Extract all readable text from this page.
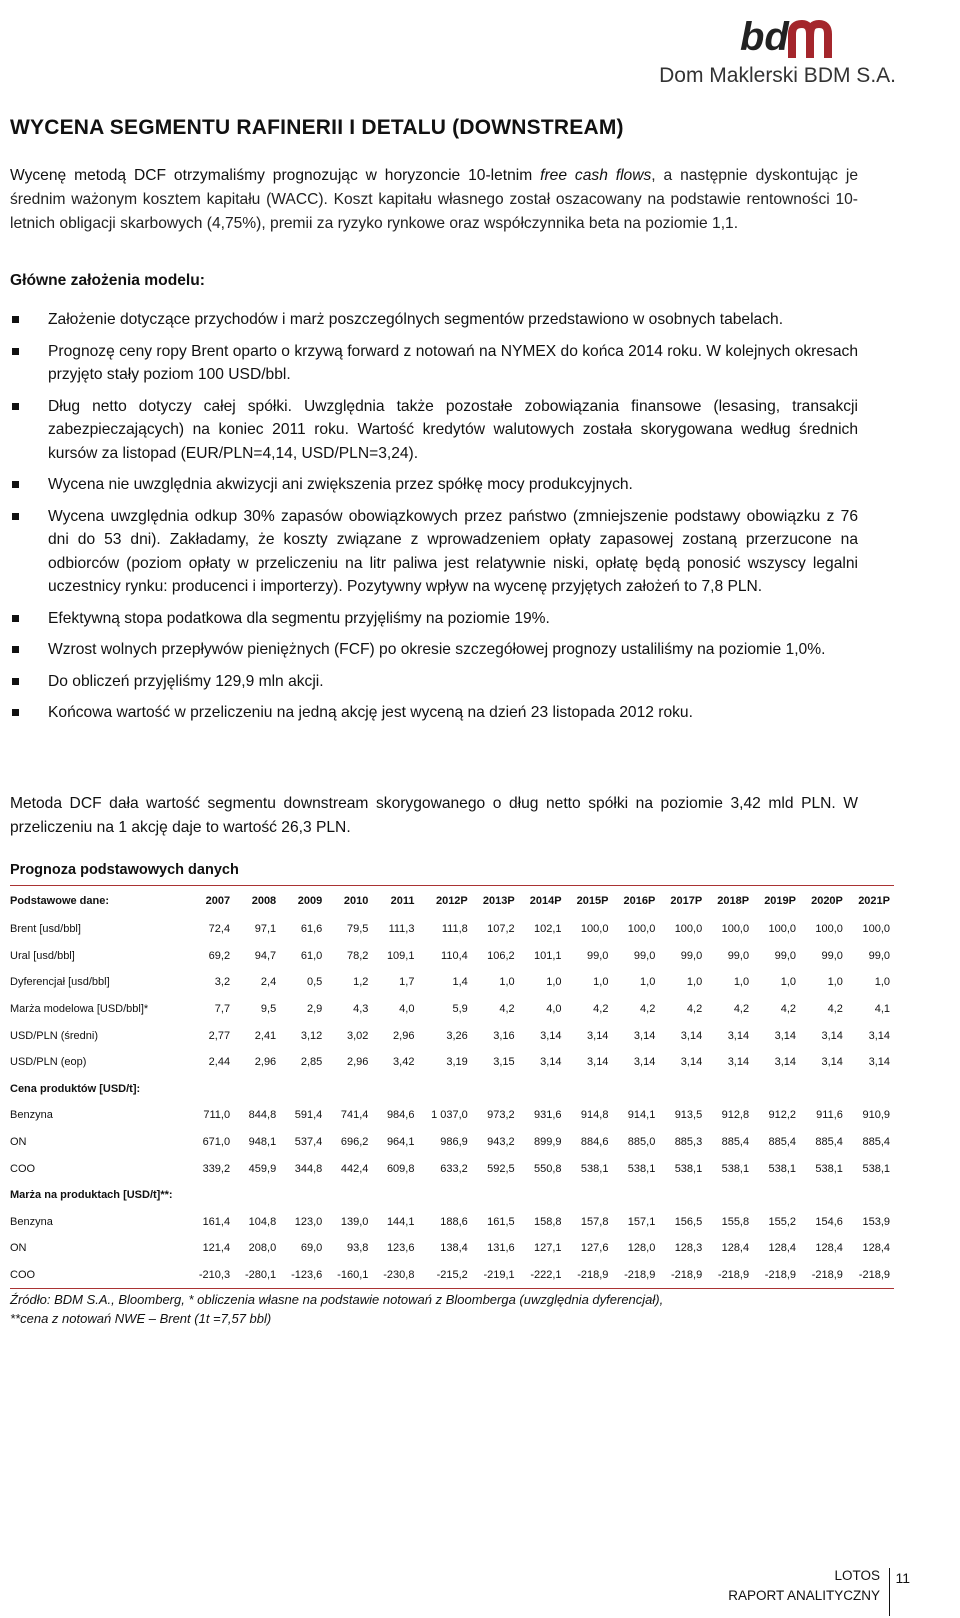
bd
Dom Maklerski BDM S.A.
WYCENA SEGMENTU RAFINERII I DETALU (DOWNSTREAM)
Wycenę metodą DCF otrzymaliśmy prognozując w horyzoncie 10-letnim free cash flows, a następnie dyskontując je średnim ważonym kosztem kapitału (WACC). Koszt kapitału własnego został oszacowany na podstawie rentowności 10-letnich obligacji skarbowych (4,75%), premii za ryzyko rynkowe oraz współczynnika beta na poziomie 1,1.
Główne założenia modelu:
Założenie dotyczące przychodów i marż poszczególnych segmentów przedstawiono w osobnych tabelach.
Prognozę ceny ropy Brent oparto o krzywą forward z notowań na NYMEX do końca 2014 roku. W kolejnych okresach przyjęto stały poziom 100 USD/bbl.
Dług netto dotyczy całej spółki. Uwzględnia także pozostałe zobowiązania finansowe (lesasing, transakcji zabezpieczających) na koniec 2011 roku. Wartość kredytów walutowych została skorygowana według średnich kursów za listopad (EUR/PLN=4,14, USD/PLN=3,24).
Wycena nie uwzględnia akwizycji ani zwiększenia przez spółkę mocy produkcyjnych.
Wycena uwzględnia odkup 30% zapasów obowiązkowych przez państwo (zmniejszenie podstawy obowiązku z 76 dni do 53 dni). Zakładamy, że koszty związane z wprowadzeniem opłaty zapasowej zostaną przerzucone na odbiorców (poziom opłaty w przeliczeniu na litr paliwa jest relatywnie niski, opłatę będą ponosić wszyscy legalni uczestnicy rynku: producenci i importerzy). Pozytywny wpływ na wycenę przyjętych założeń to 7,8 PLN.
Efektywną stopa podatkowa dla segmentu przyjęliśmy na poziomie 19%.
Wzrost wolnych przepływów pieniężnych (FCF) po okresie szczegółowej prognozy ustaliliśmy na poziomie 1,0%.
Do obliczeń przyjęliśmy 129,9 mln akcji.
Końcowa wartość w przeliczeniu na jedną akcję jest wyceną na dzień 23 listopada 2012 roku.
Metoda DCF dała wartość segmentu downstream skorygowanego o dług netto spółki na poziomie 3,42 mld PLN. W przeliczeniu na 1 akcję daje to wartość 26,3 PLN.
Prognoza podstawowych danych
Podstawowe dane:	2007	2008	2009	2010	2011	2012P	2013P	2014P	2015P	2016P	2017P	2018P	2019P	2020P	2021P
Brent [usd/bbl]	72,4	97,1	61,6	79,5	111,3	111,8	107,2	102,1	100,0	100,0	100,0	100,0	100,0	100,0	100,0
Ural [usd/bbl]	69,2	94,7	61,0	78,2	109,1	110,4	106,2	101,1	99,0	99,0	99,0	99,0	99,0	99,0	99,0
Dyferencjał [usd/bbl]	3,2	2,4	0,5	1,2	1,7	1,4	1,0	1,0	1,0	1,0	1,0	1,0	1,0	1,0	1,0
Marża modelowa [USD/bbl]*	7,7	9,5	2,9	4,3	4,0	5,9	4,2	4,0	4,2	4,2	4,2	4,2	4,2	4,2	4,1
USD/PLN (średni)	2,77	2,41	3,12	3,02	2,96	3,26	3,16	3,14	3,14	3,14	3,14	3,14	3,14	3,14	3,14
USD/PLN (eop)	2,44	2,96	2,85	2,96	3,42	3,19	3,15	3,14	3,14	3,14	3,14	3,14	3,14	3,14	3,14
Cena produktów [USD/t]:															
Benzyna	711,0	844,8	591,4	741,4	984,6	1 037,0	973,2	931,6	914,8	914,1	913,5	912,8	912,2	911,6	910,9
ON	671,0	948,1	537,4	696,2	964,1	986,9	943,2	899,9	884,6	885,0	885,3	885,4	885,4	885,4	885,4
COO	339,2	459,9	344,8	442,4	609,8	633,2	592,5	550,8	538,1	538,1	538,1	538,1	538,1	538,1	538,1
Marża na produktach [USD/t]**:															
Benzyna	161,4	104,8	123,0	139,0	144,1	188,6	161,5	158,8	157,8	157,1	156,5	155,8	155,2	154,6	153,9
ON	121,4	208,0	69,0	93,8	123,6	138,4	131,6	127,1	127,6	128,0	128,3	128,4	128,4	128,4	128,4
COO	-210,3	-280,1	-123,6	-160,1	-230,8	-215,2	-219,1	-222,1	-218,9	-218,9	-218,9	-218,9	-218,9	-218,9	-218,9
Źródło: BDM S.A., Bloomberg, * obliczenia własne na podstawie notowań z Bloomberga (uwzględnia dyferencjał),
**cena z notowań NWE – Brent (1t =7,57 bbl)
LOTOS
RAPORT ANALITYCZNY
11
